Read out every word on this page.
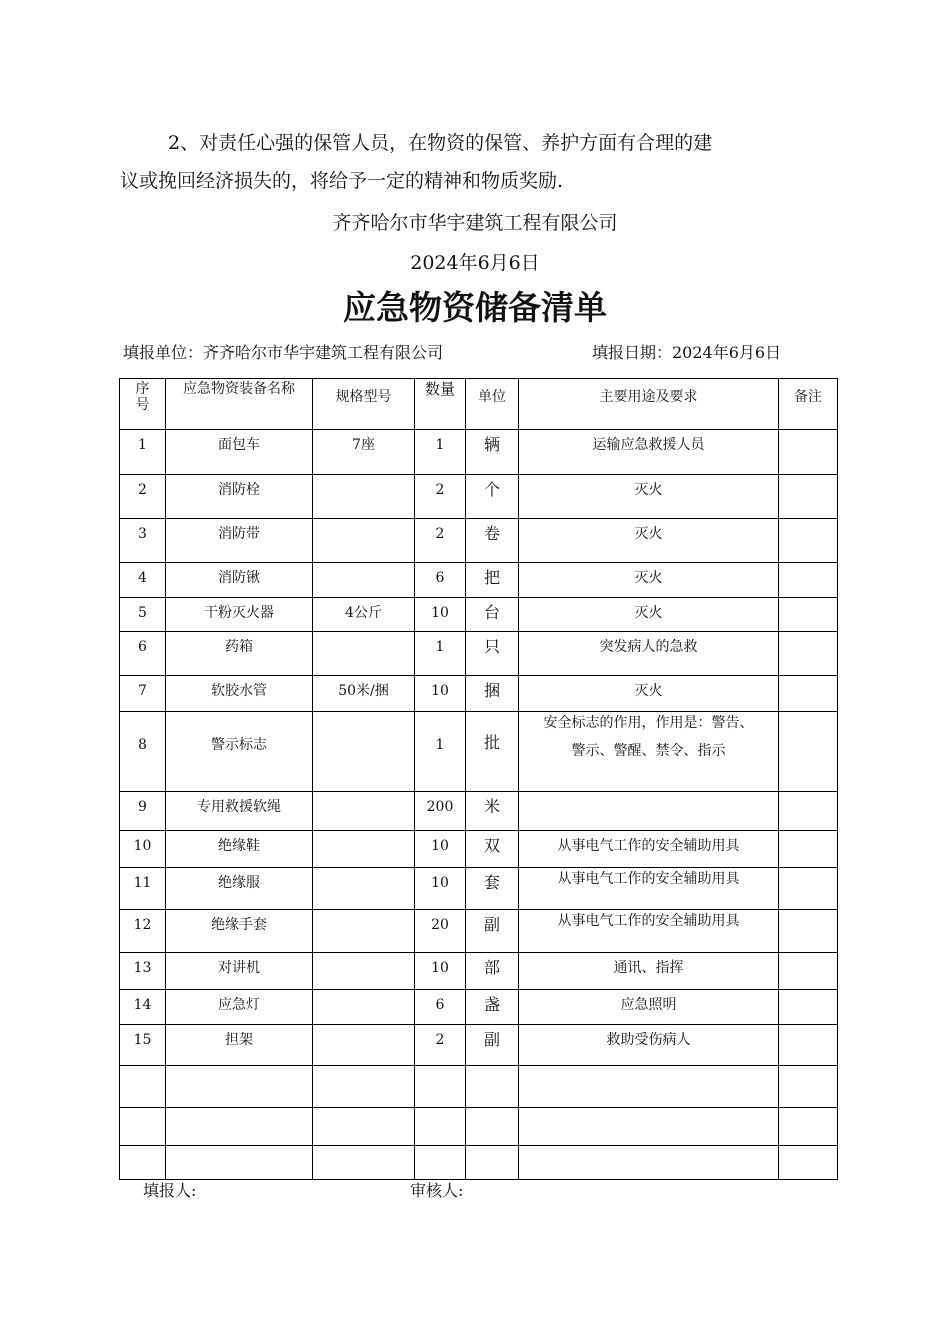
2、对责任心强的保管人员，在物资的保管、养护方面有合理的建
议或挽回经济损失的，将给予一定的精神和物质奖励.
齐齐哈尔市华宇建筑工程有限公司
2024年6月6日
应急物资储备清单
填报单位：齐齐哈尔市华宇建筑工程有限公司	填报日期：2024年6月6日
序号	应急物资装备名称	规格型号	数量	单位	主要用途及要求	备注
1	面包车	7座	1	辆	运输应急救援人员	
2	消防栓		2	个	灭火	
3	消防带		2	卷	灭火	
4	消防锹		6	把	灭火	
5	干粉灭火器	4公斤	10	台	灭火	
6	药箱		1	只	突发病人的急救	
7	软胶水管	50米/捆	10	捆	灭火	
8	警示标志		1	批	安全标志的作用，作用是：警告、
警示、警醒、禁令、指示	
9	专用救援软绳		200	米		
10	绝缘鞋		10	双	从事电气工作的安全辅助用具	
11	绝缘服		10	套	从事电气工作的安全辅助用具	
12	绝缘手套		20	副	从事电气工作的安全辅助用具	
13	对讲机		10	部	通讯、指挥	
14	应急灯		6	盏	应急照明	
15	担架		2	副	救助受伤病人	

填报人:	审核人:
